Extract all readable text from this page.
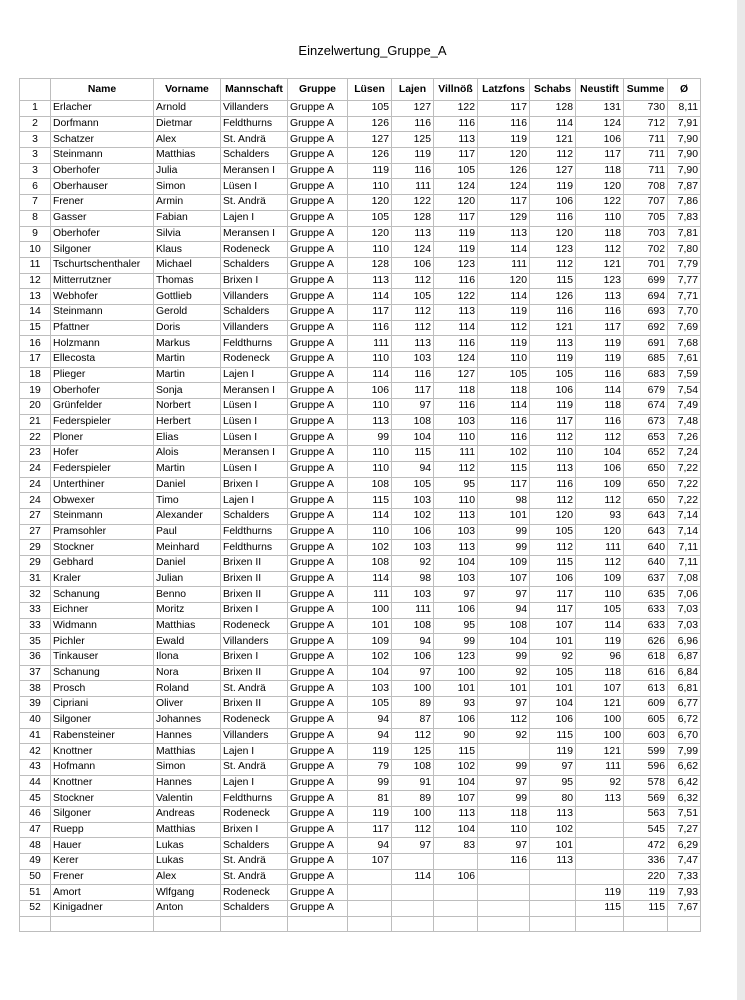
Einzelwertung_Gruppe_A
	Name	Vorname	Mannschaft	Gruppe	Lüsen	Lajen	Villnöß	Latzfons	Schabs	Neustift	Summe	Ø
1	Erlacher	Arnold	Villanders	Gruppe A	105	127	122	117	128	131	730	8,11
2	Dorfmann	Dietmar	Feldthurns	Gruppe A	126	116	116	116	114	124	712	7,91
3	Schatzer	Alex	St. Andrä	Gruppe A	127	125	113	119	121	106	711	7,90
3	Steinmann	Matthias	Schalders	Gruppe A	126	119	117	120	112	117	711	7,90
3	Oberhofer	Julia	Meransen I	Gruppe A	119	116	105	126	127	118	711	7,90
6	Oberhauser	Simon	Lüsen I	Gruppe A	110	111	124	124	119	120	708	7,87
7	Frener	Armin	St. Andrä	Gruppe A	120	122	120	117	106	122	707	7,86
8	Gasser	Fabian	Lajen I	Gruppe A	105	128	117	129	116	110	705	7,83
9	Oberhofer	Silvia	Meransen I	Gruppe A	120	113	119	113	120	118	703	7,81
10	Silgoner	Klaus	Rodeneck	Gruppe A	110	124	119	114	123	112	702	7,80
11	Tschurtschenthaler	Michael	Schalders	Gruppe A	128	106	123	111	112	121	701	7,79
12	Mitterrutzner	Thomas	Brixen I	Gruppe A	113	112	116	120	115	123	699	7,77
13	Webhofer	Gottlieb	Villanders	Gruppe A	114	105	122	114	126	113	694	7,71
14	Steinmann	Gerold	Schalders	Gruppe A	117	112	113	119	116	116	693	7,70
15	Pfattner	Doris	Villanders	Gruppe A	116	112	114	112	121	117	692	7,69
16	Holzmann	Markus	Feldthurns	Gruppe A	111	113	116	119	113	119	691	7,68
17	Ellecosta	Martin	Rodeneck	Gruppe A	110	103	124	110	119	119	685	7,61
18	Plieger	Martin	Lajen I	Gruppe A	114	116	127	105	105	116	683	7,59
19	Oberhofer	Sonja	Meransen I	Gruppe A	106	117	118	118	106	114	679	7,54
20	Grünfelder	Norbert	Lüsen I	Gruppe A	110	97	116	114	119	118	674	7,49
21	Federspieler	Herbert	Lüsen I	Gruppe A	113	108	103	116	117	116	673	7,48
22	Ploner	Elias	Lüsen I	Gruppe A	99	104	110	116	112	112	653	7,26
23	Hofer	Alois	Meransen I	Gruppe A	110	115	111	102	110	104	652	7,24
24	Federspieler	Martin	Lüsen I	Gruppe A	110	94	112	115	113	106	650	7,22
24	Unterthiner	Daniel	Brixen I	Gruppe A	108	105	95	117	116	109	650	7,22
24	Obwexer	Timo	Lajen I	Gruppe A	115	103	110	98	112	112	650	7,22
27	Steinmann	Alexander	Schalders	Gruppe A	114	102	113	101	120	93	643	7,14
27	Pramsohler	Paul	Feldthurns	Gruppe A	110	106	103	99	105	120	643	7,14
29	Stockner	Meinhard	Feldthurns	Gruppe A	102	103	113	99	112	111	640	7,11
29	Gebhard	Daniel	Brixen II	Gruppe A	108	92	104	109	115	112	640	7,11
31	Kraler	Julian	Brixen II	Gruppe A	114	98	103	107	106	109	637	7,08
32	Schanung	Benno	Brixen II	Gruppe A	111	103	97	97	117	110	635	7,06
33	Eichner	Moritz	Brixen I	Gruppe A	100	111	106	94	117	105	633	7,03
33	Widmann	Matthias	Rodeneck	Gruppe A	101	108	95	108	107	114	633	7,03
35	Pichler	Ewald	Villanders	Gruppe A	109	94	99	104	101	119	626	6,96
36	Tinkauser	Ilona	Brixen I	Gruppe A	102	106	123	99	92	96	618	6,87
37	Schanung	Nora	Brixen II	Gruppe A	104	97	100	92	105	118	616	6,84
38	Prosch	Roland	St. Andrä	Gruppe A	103	100	101	101	101	107	613	6,81
39	Cipriani	Oliver	Brixen II	Gruppe A	105	89	93	97	104	121	609	6,77
40	Silgoner	Johannes	Rodeneck	Gruppe A	94	87	106	112	106	100	605	6,72
41	Rabensteiner	Hannes	Villanders	Gruppe A	94	112	90	92	115	100	603	6,70
42	Knottner	Matthias	Lajen I	Gruppe A	119	125	115		119	121	599	7,99
43	Hofmann	Simon	St. Andrä	Gruppe A	79	108	102	99	97	111	596	6,62
44	Knottner	Hannes	Lajen I	Gruppe A	99	91	104	97	95	92	578	6,42
45	Stockner	Valentin	Feldthurns	Gruppe A	81	89	107	99	80	113	569	6,32
46	Silgoner	Andreas	Rodeneck	Gruppe A	119	100	113	118	113		563	7,51
47	Ruepp	Matthias	Brixen I	Gruppe A	117	112	104	110	102		545	7,27
48	Hauer	Lukas	Schalders	Gruppe A	94	97	83	97	101		472	6,29
49	Kerer	Lukas	St. Andrä	Gruppe A	107			116	113		336	7,47
50	Frener	Alex	St. Andrä	Gruppe A		114	106				220	7,33
51	Amort	Wlfgang	Rodeneck	Gruppe A						119	119	7,93
52	Kinigadner	Anton	Schalders	Gruppe A						115	115	7,67
